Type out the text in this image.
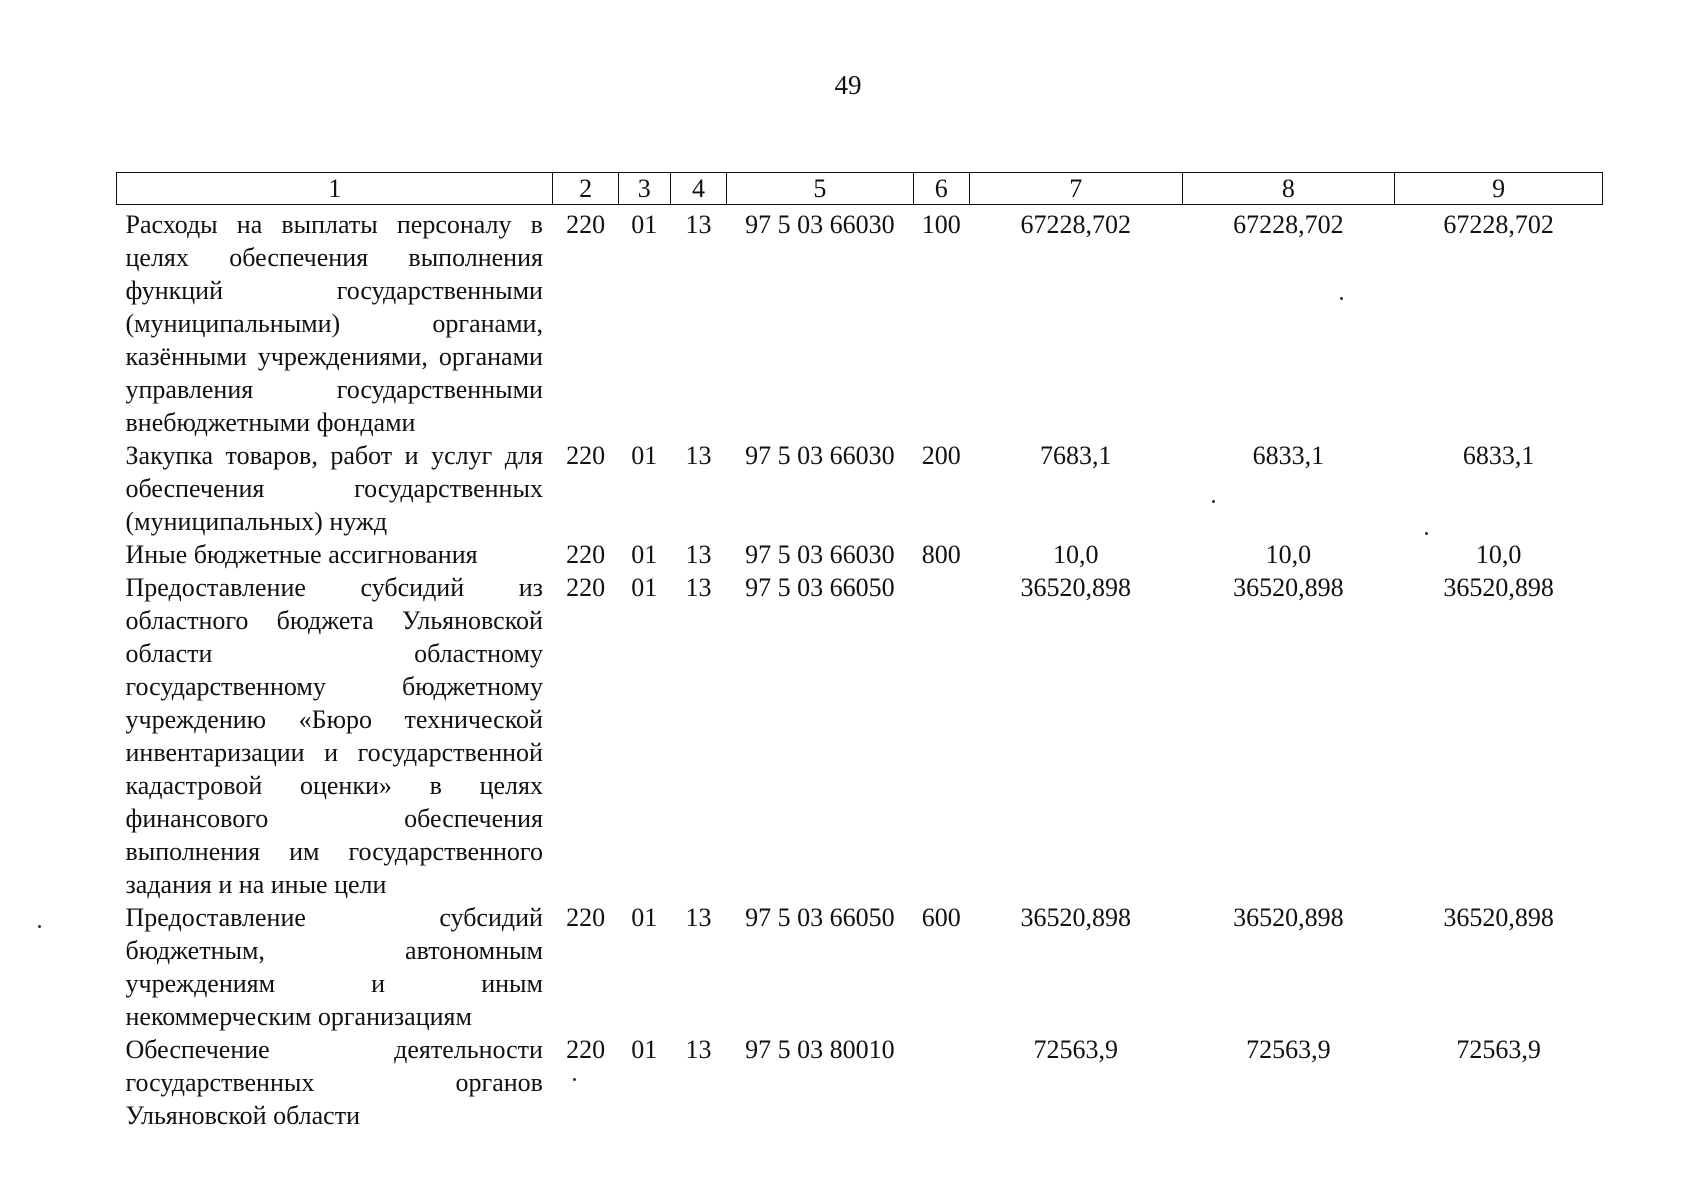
49
1	2	3	4	5	6	7	8	9
Расходы на выплаты персоналу в целях обеспечения выполнения функций государственными (муниципальными) органами, казёнными учреждениями, органами управления государственными внебюджетными фондами	220	01	13	97 5 03 66030	100	67228,702	67228,702	67228,702
Закупка товаров, работ и услуг для обеспечения государственных (муниципальных) нужд	220	01	13	97 5 03 66030	200	7683,1	6833,1	6833,1
Иные бюджетные ассигнования	220	01	13	97 5 03 66030	800	10,0	10,0	10,0
Предоставление субсидий из областного бюджета Ульяновской области областному государственному бюджетному учреждению «Бюро технической инвентаризации и государственной кадастровой оценки» в целях финансового обеспечения выполнения им государственного задания и на иные цели	220	01	13	97 5 03 66050		36520,898	36520,898	36520,898
Предоставление субсидий бюджетным, автономным учреждениям и иным некоммерческим организациям	220	01	13	97 5 03 66050	600	36520,898	36520,898	36520,898
Обеспечение деятельности государственных органов Ульяновской области	220	01	13	97 5 03 80010		72563,9	72563,9	72563,9
